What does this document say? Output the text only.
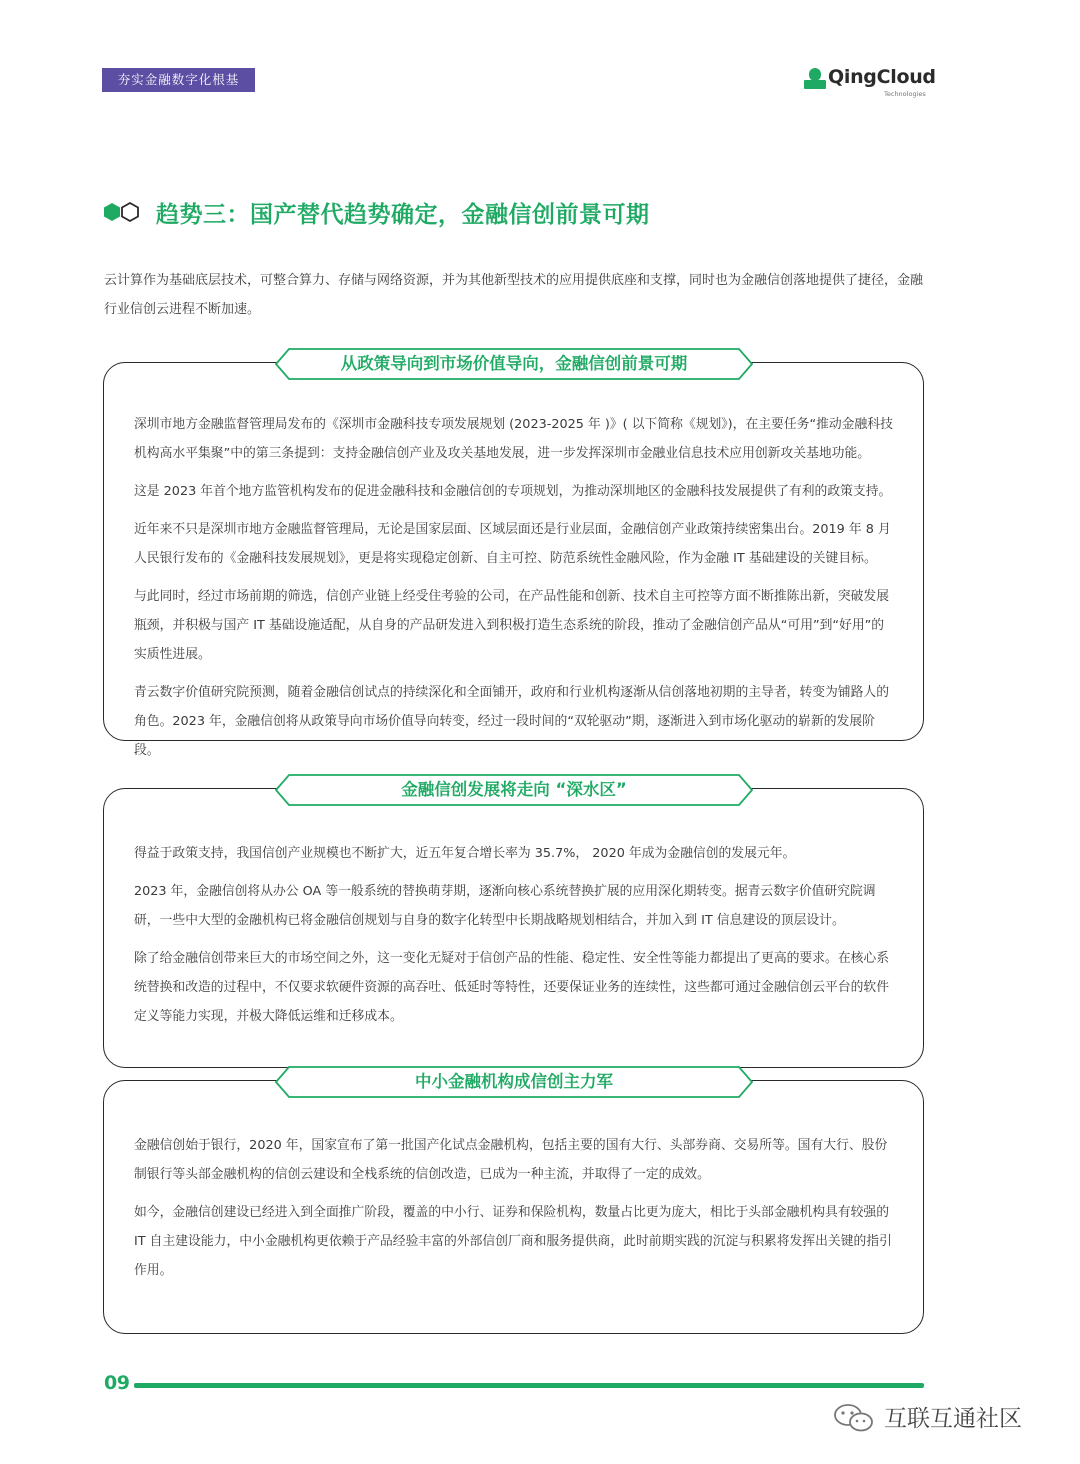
夯实金融数字化根基	QingCloud
Technologies
趋势三：国产替代趋势确定，金融信创前景可期
云计算作为基础底层技术，可整合算力、存储与网络资源，并为其他新型技术的应用提供底座和支撑，同时也为金融信创落地提供了捷径，金融行业信创云进程不断加速。

深圳市地方金融监督管理局发布的《深圳市金融科技专项发展规划 (2023-2025 年 )》( 以下简称《规划》)，在主要任务“推动金融科技机构高水平集聚”中的第三条提到：支持金融信创产业及攻关基地发展，进一步发挥深圳市金融业信息技术应用创新攻关基地功能。

这是 2023 年首个地方监管机构发布的促进金融科技和金融信创的专项规划，为推动深圳地区的金融科技发展提供了有利的政策支持。

近年来不只是深圳市地方金融监督管理局，无论是国家层面、区域层面还是行业层面，金融信创产业政策持续密集出台。2019 年 8 月人民银行发布的《金融科技发展规划》，更是将实现稳定创新、自主可控、防范系统性金融风险，作为金融 IT 基础建设的关键目标。

与此同时，经过市场前期的筛选，信创产业链上经受住考验的公司，在产品性能和创新、技术自主可控等方面不断推陈出新，突破发展瓶颈，并积极与国产 IT 基础设施适配，从自身的产品研发进入到积极打造生态系统的阶段，推动了金融信创产品从“可用”到“好用”的实质性进展。

青云数字价值研究院预测，随着金融信创试点的持续深化和全面铺开，政府和行业机构逐渐从信创落地初期的主导者，转变为铺路人的角色。2023 年，金融信创将从政策导向市场价值导向转变，经过一段时间的“双轮驱动”期，逐渐进入到市场化驱动的崭新的发展阶段。

从政策导向到市场价值导向，金融信创前景可期

得益于政策支持，我国信创产业规模也不断扩大，近五年复合增长率为 35.7%， 2020 年成为金融信创的发展元年。

2023 年，金融信创将从办公 OA 等一般系统的替换萌芽期，逐渐向核心系统替换扩展的应用深化期转变。据青云数字价值研究院调研，一些中大型的金融机构已将金融信创规划与自身的数字化转型中长期战略规划相结合，并加入到 IT 信息建设的顶层设计。

除了给金融信创带来巨大的市场空间之外，这一变化无疑对于信创产品的性能、稳定性、安全性等能力都提出了更高的要求。在核心系统替换和改造的过程中，不仅要求软硬件资源的高吞吐、低延时等特性，还要保证业务的连续性，这些都可通过金融信创云平台的软件定义等能力实现，并极大降低运维和迁移成本。

金融信创发展将走向 “深水区”

金融信创始于银行，2020 年，国家宣布了第一批国产化试点金融机构，包括主要的国有大行、头部券商、交易所等。国有大行、股份制银行等头部金融机构的信创云建设和全栈系统的信创改造，已成为一种主流，并取得了一定的成效。

如今，金融信创建设已经进入到全面推广阶段，覆盖的中小行、证券和保险机构，数量占比更为庞大，相比于头部金融机构具有较强的 IT 自主建设能力，中小金融机构更依赖于产品经验丰富的外部信创厂商和服务提供商，此时前期实践的沉淀与积累将发挥出关键的指引作用。

中小金融机构成信创主力军
09
互联互通社区
